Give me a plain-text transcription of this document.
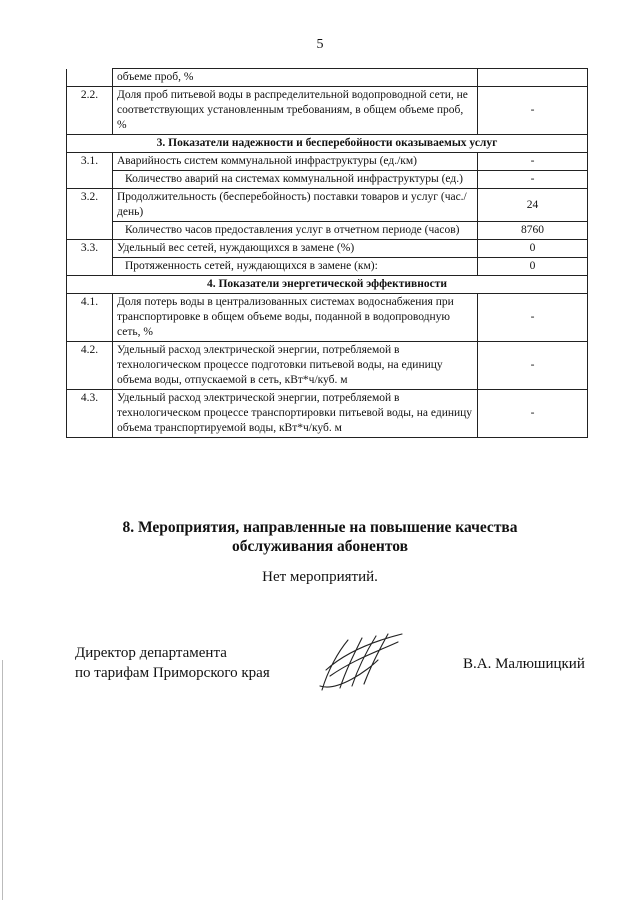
5
	объеме проб, %	
2.2.	Доля проб питьевой воды в распределительной водопроводной сети, не соответствующих установленным требованиям, в общем объеме проб, %	-
3. Показатели надежности и бесперебойности оказываемых услуг		
3.1.	Аварийность систем коммунальной инфраструктуры (ед./км)	-
	Количество аварий на системах коммунальной инфраструктуры (ед.)	-
3.2.	Продолжительность (бесперебойность) поставки товаров и услуг (час./день)	24
	Количество часов предоставления услуг в отчетном периоде (часов)	8760
3.3.	Удельный вес сетей, нуждающихся в замене (%)	0
	Протяженность сетей, нуждающихся в замене (км):	0
4. Показатели энергетической эффективности		
4.1.	Доля потерь воды в централизованных системах водоснабжения при транспортировке в общем объеме воды, поданной в водопроводную сеть, %	-
4.2.	Удельный расход электрической энергии, потребляемой в технологическом процессе подготовки питьевой воды, на единицу объема воды, отпускаемой в сеть, кВт*ч/куб. м	-
4.3.	Удельный расход электрической энергии, потребляемой в технологическом процессе транспортировки питьевой воды, на единицу объема транспортируемой воды, кВт*ч/куб. м	-
8. Мероприятия, направленные на повышение качества
обслуживания абонентов
Нет мероприятий.
Директор департамента
по тарифам Приморского края
В.А. Малюшицкий
